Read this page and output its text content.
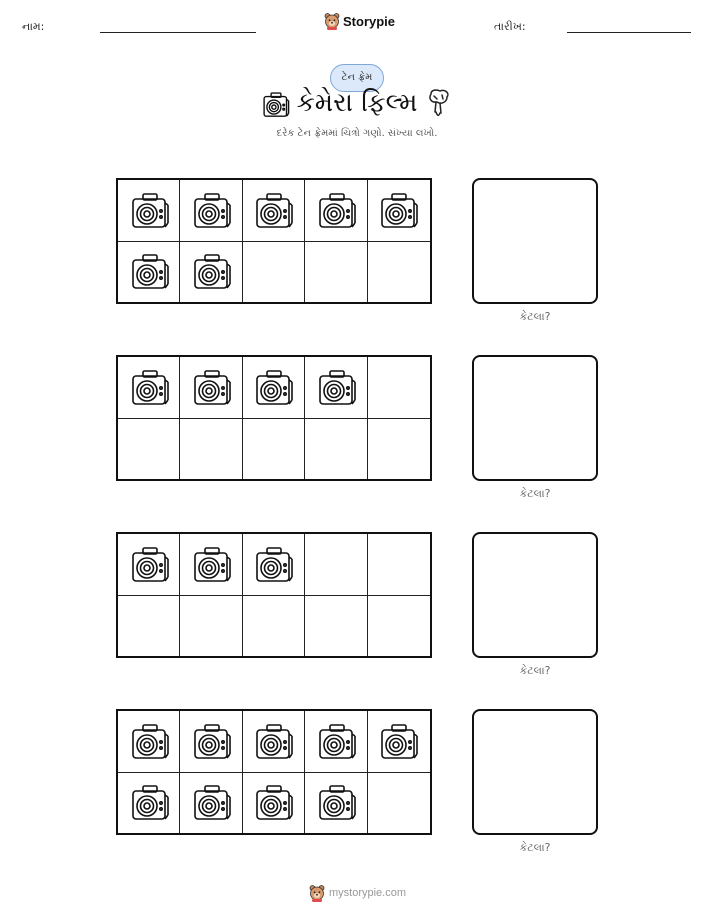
નામ:	Storypie	તારીખ:
ટેન ફ્રેમ
કેમેરા ફિલ્મ
દરેક ટેન ફ્રેમમાં ચિત્રો ગણો. સંખ્યા લખો.
કેટલા?
કેટલા?
કેટલા?
કેટલા?
mystorypie.com
